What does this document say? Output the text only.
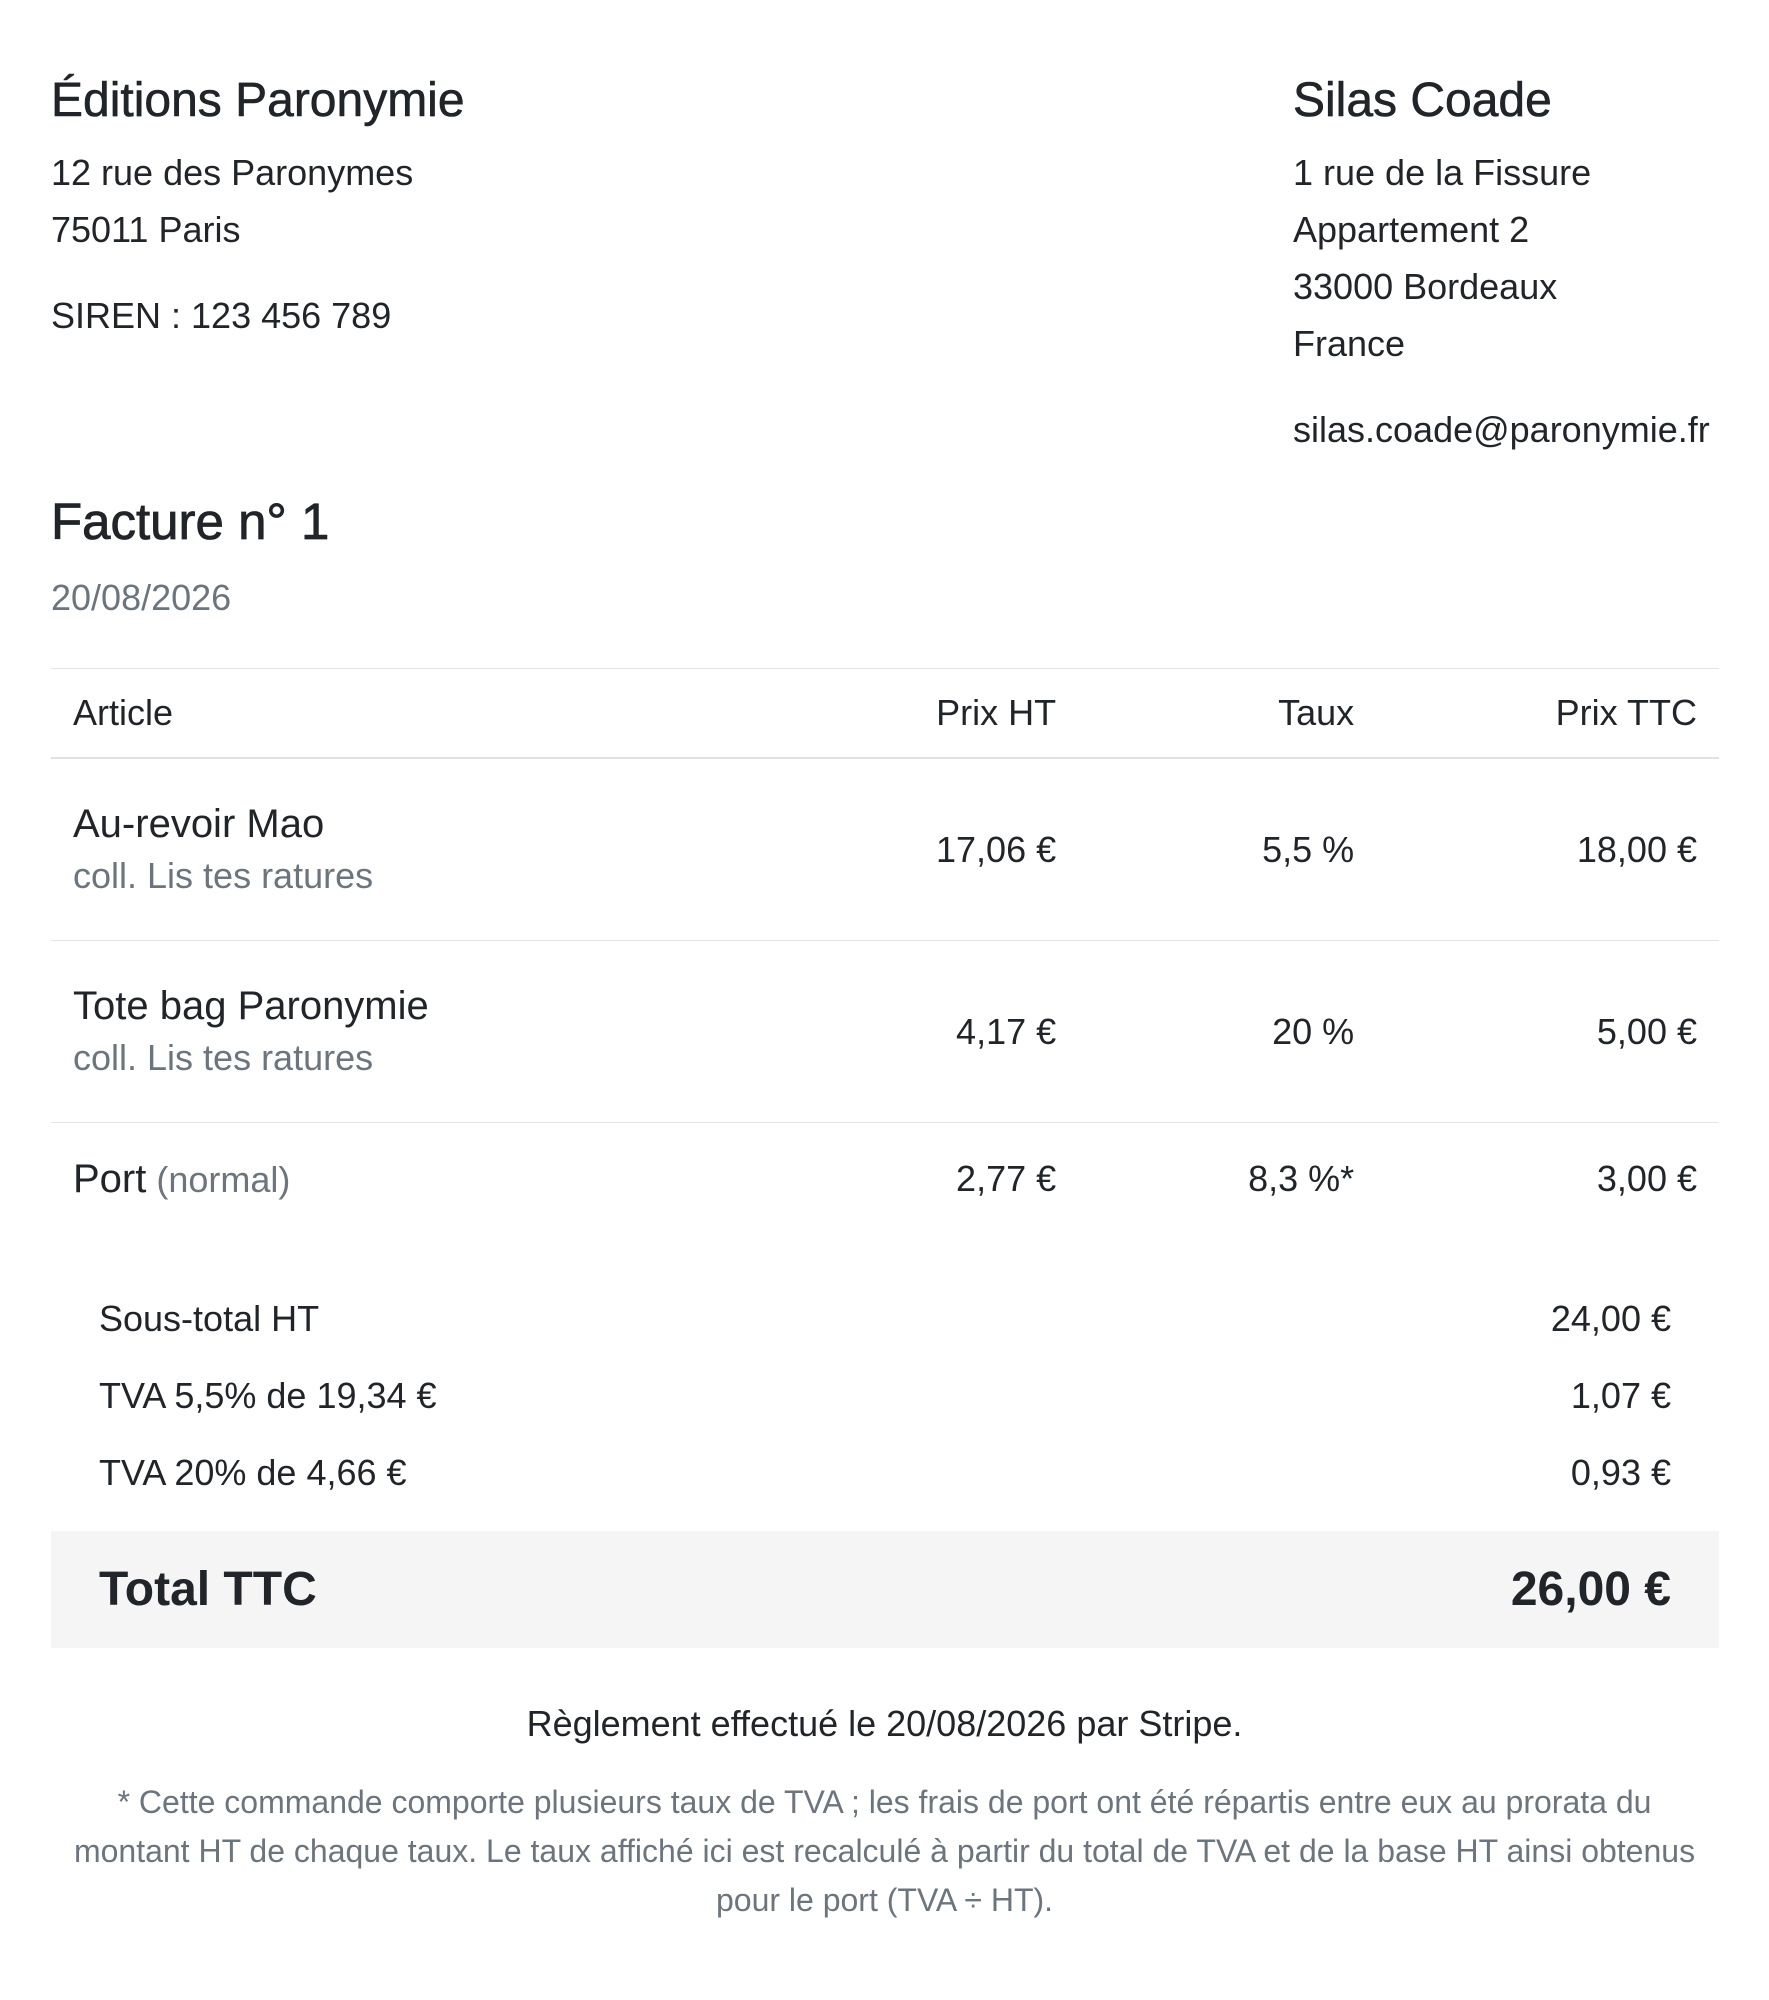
Éditions Paronymie
12 rue des Paronymes
75011 Paris
SIREN : 123 456 789
Silas Coade
1 rue de la Fissure
Appartement 2
33000 Bordeaux
France
silas.coade@paronymie.fr
Facture n° 1
20/08/2026
Article	Prix HT	Taux	Prix TTC

Au-revoir Mao
coll. Lis tes ratures	17,06 €	5,5 %	18,00 €

Tote bag Paronymie
coll. Lis tes ratures	4,17 €	20 %	5,00 €
Port (normal)	2,77 €	8,3 %*	3,00 €
Sous-total HT	24,00 €
TVA 5,5% de 19,34 €	1,07 €
TVA 20% de 4,66 €	0,93 €
Total TTC	26,00 €
Règlement effectué le 20/08/2026 par Stripe.
* Cette commande comporte plusieurs taux de TVA ; les frais de port ont été répartis entre eux au prorata du montant HT de chaque taux. Le taux affiché ici est recalculé à partir du total de TVA et de la base HT ainsi obtenus pour le port (TVA ÷ HT).
